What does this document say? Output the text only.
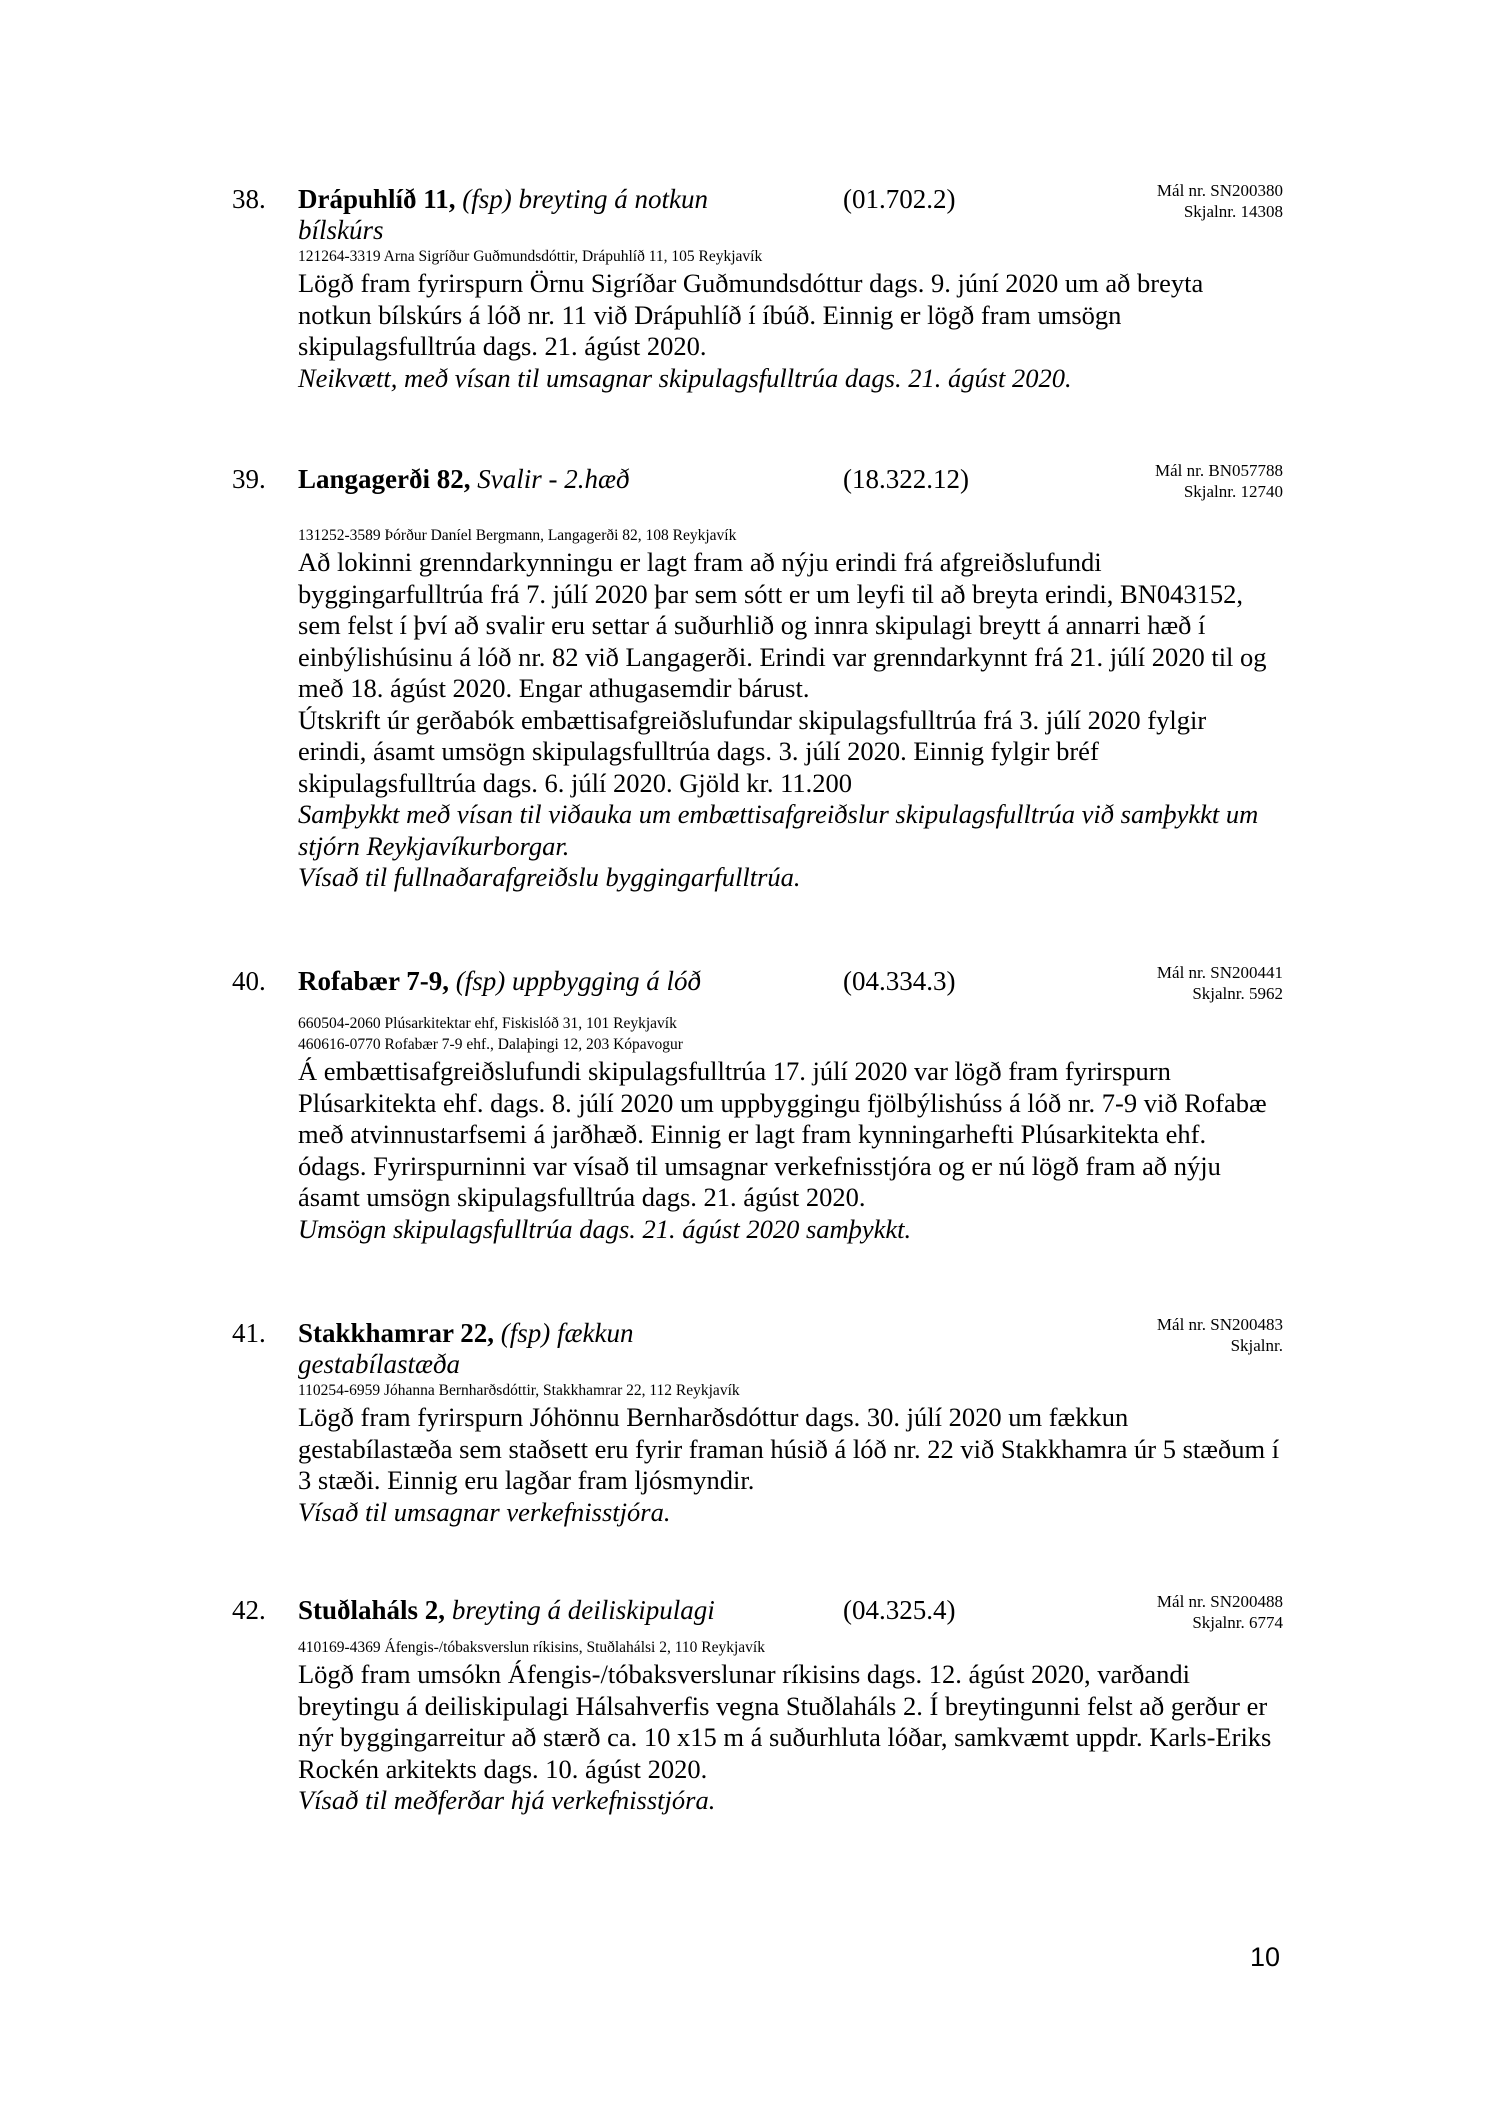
38. Drápuhlíð 11, (fsp) breyting á notkun
bílskúrs
(01.702.2)	Mál nr. SN200380
Skjalnr. 14308
121264-3319 Arna Sigríður Guðmundsdóttir, Drápuhlíð 11, 105 Reykjavík

Lögð fram fyrirspurn Örnu Sigríðar Guðmundsdóttur dags. 9. júní 2020 um að breyta notkun bílskúrs á lóð nr. 11 við Drápuhlíð í íbúð. Einnig er lögð fram umsögn skipulagsfulltrúa dags. 21. ágúst 2020.

Neikvætt, með vísan til umsagnar skipulagsfulltrúa dags. 21. ágúst 2020.

39. Langagerði 82, Svalir - 2.hæð	(18.322.12)	Mál nr. BN057788
Skjalnr. 12740
131252-3589 Þórður Daníel Bergmann, Langagerði 82, 108 Reykjavík

Að lokinni grenndarkynningu er lagt fram að nýju erindi frá afgreiðslufundi byggingarfulltrúa frá 7. júlí 2020 þar sem sótt er um leyfi til að breyta erindi, BN043152, sem felst í því að svalir eru settar á suðurhlið og innra skipulagi breytt á annarri hæð í einbýlishúsinu á lóð nr. 82 við Langagerði. Erindi var grenndarkynnt frá 21. júlí 2020 til og með 18. ágúst 2020. Engar athugasemdir bárust.

Útskrift úr gerðabók embættisafgreiðslufundar skipulagsfulltrúa frá 3. júlí 2020 fylgir erindi, ásamt umsögn skipulagsfulltrúa dags. 3. júlí 2020. Einnig fylgir bréf skipulagsfulltrúa dags. 6. júlí 2020. Gjöld kr. 11.200

Samþykkt með vísan til viðauka um embættisafgreiðslur skipulagsfulltrúa við samþykkt um stjórn Reykjavíkurborgar.

Vísað til fullnaðarafgreiðslu byggingarfulltrúa.

40. Rofabær 7-9, (fsp) uppbygging á lóð	(04.334.3)	Mál nr. SN200441
Skjalnr. 5962
660504-2060 Plúsarkitektar ehf, Fiskislóð 31, 101 Reykjavík
460616-0770 Rofabær 7-9 ehf., Dalaþingi 12, 203 Kópavogur

Á embættisafgreiðslufundi skipulagsfulltrúa 17. júlí 2020 var lögð fram fyrirspurn Plúsarkitekta ehf. dags. 8. júlí 2020 um uppbyggingu fjölbýlishúss á lóð nr. 7-9 við Rofabæ með atvinnustarfsemi á jarðhæð. Einnig er lagt fram kynningarhefti Plúsarkitekta ehf. ódags. Fyrirspurninni var vísað til umsagnar verkefnisstjóra og er nú lögð fram að nýju ásamt umsögn skipulagsfulltrúa dags. 21. ágúst 2020.

Umsögn skipulagsfulltrúa dags. 21. ágúst 2020 samþykkt.

41. Stakkhamrar 22, (fsp) fækkun
gestabílastæða
Mál nr. SN200483
Skjalnr.
110254-6959 Jóhanna Bernharðsdóttir, Stakkhamrar 22, 112 Reykjavík

Lögð fram fyrirspurn Jóhönnu Bernharðsdóttur dags. 30. júlí 2020 um fækkun gestabílastæða sem staðsett eru fyrir framan húsið á lóð nr. 22 við Stakkhamra úr 5 stæðum í 3 stæði. Einnig eru lagðar fram ljósmyndir.

Vísað til umsagnar verkefnisstjóra.

42. Stuðlaháls 2, breyting á deiliskipulagi	(04.325.4)	Mál nr. SN200488
Skjalnr. 6774
410169-4369 Áfengis-/tóbaksverslun ríkisins, Stuðlahálsi 2, 110 Reykjavík

Lögð fram umsókn Áfengis-/tóbaksverslunar ríkisins dags. 12. ágúst 2020, varðandi breytingu á deiliskipulagi Hálsahverfis vegna Stuðlaháls 2. Í breytingunni felst að gerður er nýr byggingarreitur að stærð ca. 10 x15 m á suðurhluta lóðar, samkvæmt uppdr. Karls-Eriks Rockén arkitekts dags. 10. ágúst 2020.

Vísað til meðferðar hjá verkefnisstjóra.

10
